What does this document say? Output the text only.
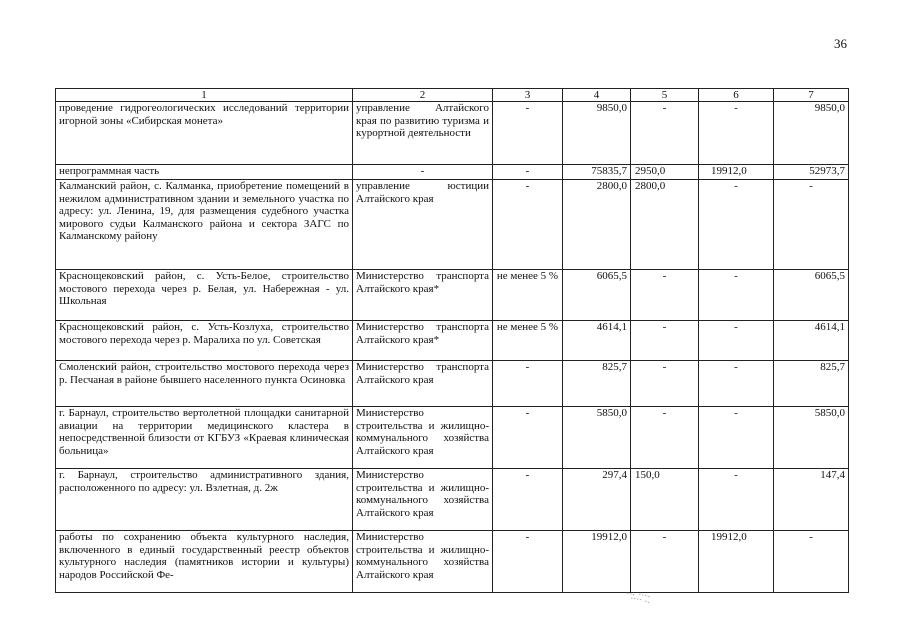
36
1	2	3	4	5	6	7
проведение гидрогеологических исследований территории игорной зоны «Сибирская монета»	управление Алтайского края по развитию туризма и курортной деятельности	-	9850,0	-	-	9850,0
непрограммная часть	-	-	75835,7	2950,0	19912,0	52973,7
Калманский район, с. Калманка, приобретение помещений в нежилом административном здании и земельного участка по адресу: ул. Ленина, 19, для размещения судебного участка мирового судьи Калманского района и сектора ЗАГС по Калманскому району	управление юстиции Алтайского края	-	2800,0	2800,0	-	-
Краснощековский район, с. Усть-Белое, строительство мостового перехода через р. Белая, ул. Набережная - ул. Школьная	Министерство транспорта Алтайского края*	не менее 5 %	6065,5	-	-	6065,5
Краснощековский район, с. Усть-Козлуха, строительство мостового перехода через р. Маралиха по ул. Советская	Министерство транспорта Алтайского края*	не менее 5 %	4614,1	-	-	4614,1
Смоленский район, строительство мостового перехода через р. Песчаная в районе бывшего населенного пункта Осиновка	Министерство транспорта Алтайского края	-	825,7	-	-	825,7
г. Барнаул, строительство вертолетной площадки санитарной авиации на территории медицинского кластера в непосредственной близости от КГБУЗ «Краевая клиническая больница»	Министерство строительства и жилищно-коммунального хозяйства Алтайского края	-	5850,0	-	-	5850,0
г. Барнаул, строительство административного здания, расположенного по адресу: ул. Взлетная, д. 2ж	Министерство строительства и жилищно-коммунального хозяйства Алтайского края	-	297,4	150,0	-	147,4
работы по сохранению объекта культурного наследия, включенного в единый государственный реестр объектов культурного наследия (памятников истории и культуры) народов Российской Фе-	Министерство строительства и жилищно-коммунального хозяйства Алтайского края	-	19912,0	-	19912,0	-
